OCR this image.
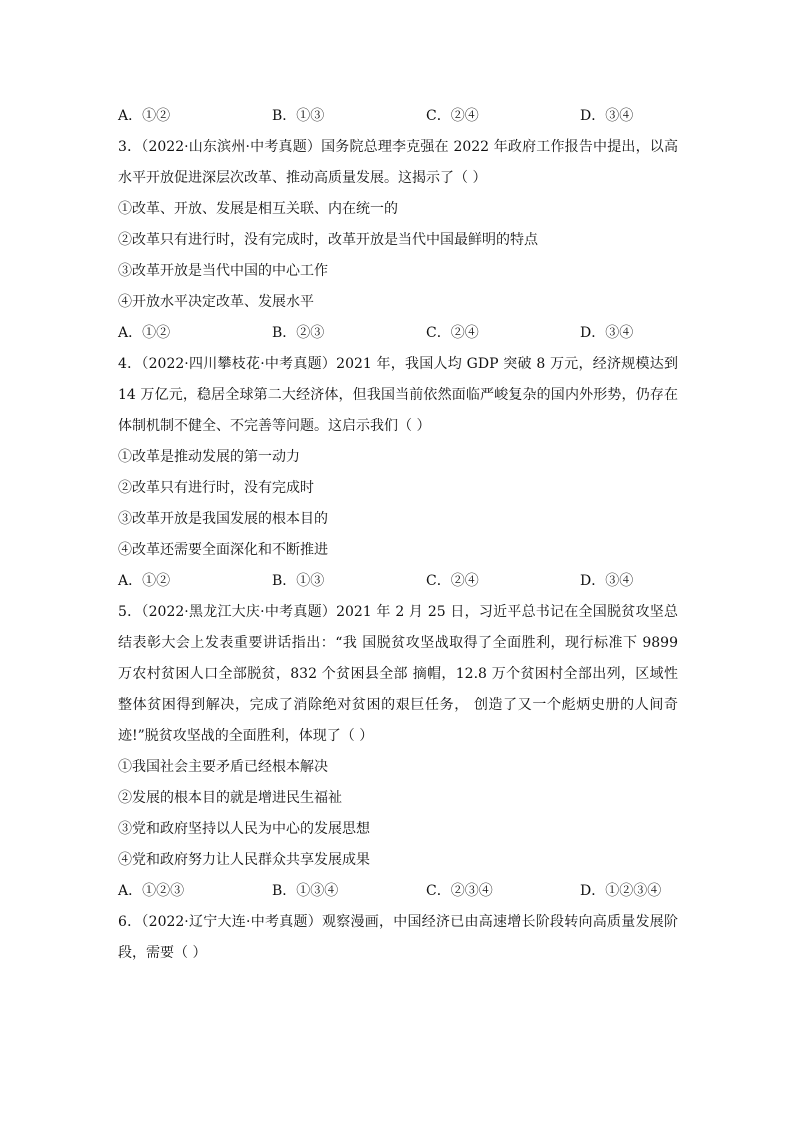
A．①②	B．①③	C．②④	D．③④
3．（2022·山东滨州·中考真题）国务院总理李克强在 2022 年政府工作报告中提出，以高水平开放促进深层次改革、推动高质量发展。这揭示了（ ）
①改革、开放、发展是相互关联、内在统一的
②改革只有进行时，没有完成时，改革开放是当代中国最鲜明的特点
③改革开放是当代中国的中心工作
④开放水平决定改革、发展水平
A．①②	B．②③	C．②④	D．③④
4．（2022·四川攀枝花·中考真题）2021 年，我国人均 GDP 突破 8 万元，经济规模达到 14 万亿元，稳居全球第二大经济体，但我国当前依然面临严峻复杂的国内外形势，仍存在体制机制不健全、不完善等问题。这启示我们（ ）
①改革是推动发展的第一动力
②改革只有进行时，没有完成时
③改革开放是我国发展的根本目的
④改革还需要全面深化和不断推进
A．①②	B．①③	C．②④	D．③④
5．（2022·黑龙江大庆·中考真题）2021 年 2 月 25 日，习近平总书记在全国脱贫攻坚总结表彰大会上发表重要讲话指出：“我 国脱贫攻坚战取得了全面胜利，现行标准下 9899 万农村贫困人口全部脱贫，832 个贫困县全部 摘帽，12.8 万个贫困村全部出列，区域性整体贫困得到解决，完成了消除绝对贫困的艰巨任务， 创造了又一个彪炳史册的人间奇迹!”脱贫攻坚战的全面胜利，体现了（ ）
①我国社会主要矛盾已经根本解决
②发展的根本目的就是增进民生福祉
③党和政府坚持以人民为中心的发展思想
④党和政府努力让人民群众共享发展成果
A．①②③	B．①③④	C．②③④	D．①②③④
6．（2022·辽宁大连·中考真题）观察漫画，中国经济已由高速增长阶段转向高质量发展阶段，需要（ ）
